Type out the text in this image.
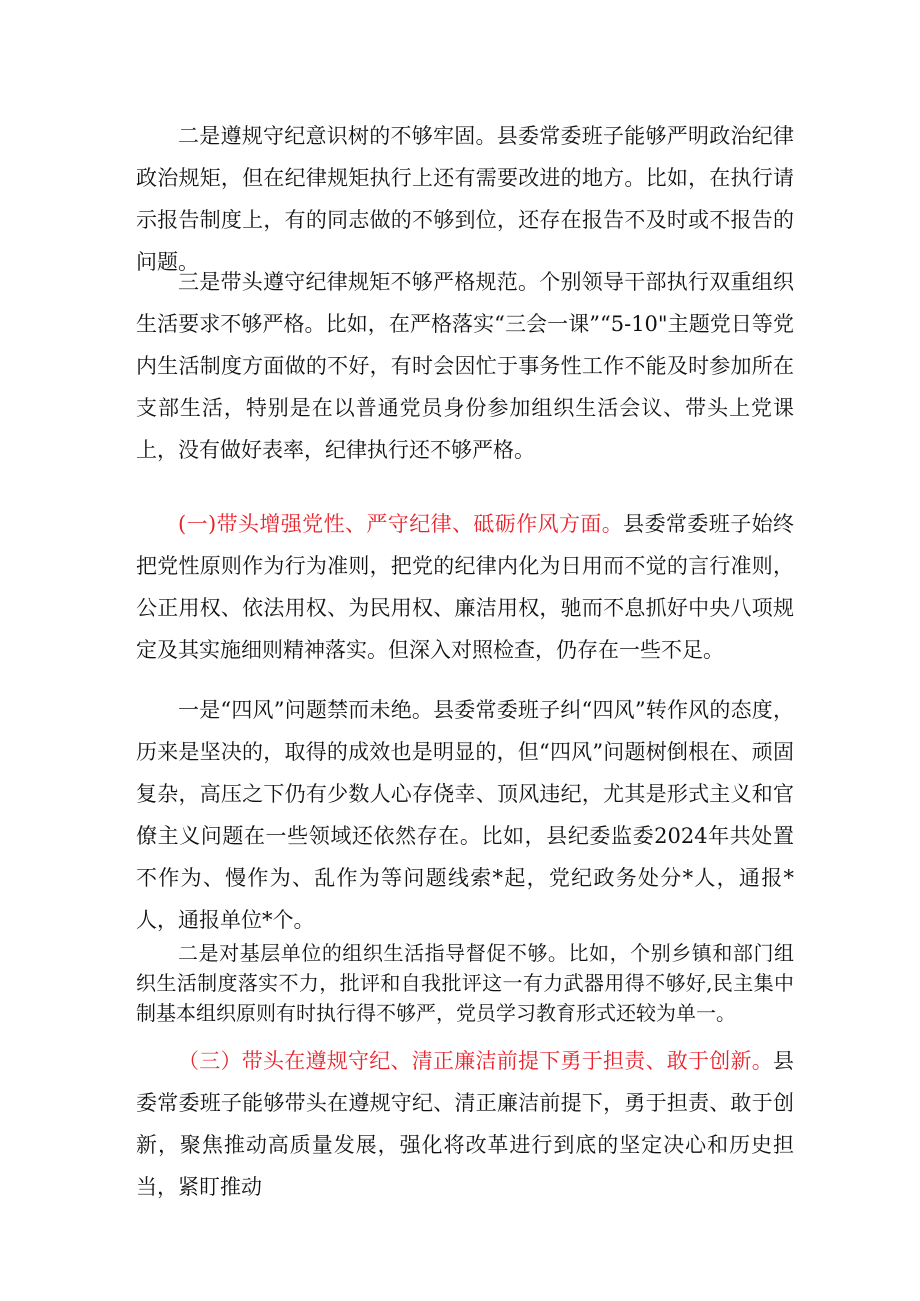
二是遵规守纪意识树的不够牢固。县委常委班子能够严明政治纪律政治规矩，但在纪律规矩执行上还有需要改进的地方。比如，在执行请示报告制度上，有的同志做的不够到位，还存在报告不及时或不报告的问题。

三是带头遵守纪律规矩不够严格规范。个别领导干部执行双重组织生活要求不够严格。比如，在严格落实“三会一课”“5-10"主题党日等党内生活制度方面做的不好，有时会因忙于事务性工作不能及时参加所在支部生活，特别是在以普通党员身份参加组织生活会议、带头上党课上，没有做好表率，纪律执行还不够严格。

(一)带头增强党性、严守纪律、砥砺作风方面。县委常委班子始终把党性原则作为行为准则，把党的纪律内化为日用而不觉的言行准则，公正用权、依法用权、为民用权、廉洁用权，驰而不息抓好中央八项规定及其实施细则精神落实。但深入对照检查，仍存在一些不足。

一是“四风”问题禁而未绝。县委常委班子纠“四风”转作风的态度，历来是坚决的，取得的成效也是明显的，但“四风”问题树倒根在、顽固复杂，高压之下仍有少数人心存侥幸、顶风违纪，尤其是形式主义和官僚主义问题在一些领域还依然存在。比如，县纪委监委2024年共处置不作为、慢作为、乱作为等问题线索*起，党纪政务处分*人，通报*人，通报单位*个。

二是对基层单位的组织生活指导督促不够。比如，个别乡镇和部门组织生活制度落实不力，批评和自我批评这一有力武器用得不够好,民主集中制基本组织原则有时执行得不够严，党员学习教育形式还较为单一。

（三）带头在遵规守纪、清正廉洁前提下勇于担责、敢于创新。县委常委班子能够带头在遵规守纪、清正廉洁前提下，勇于担责、敢于创新，聚焦推动高质量发展，强化将改革进行到底的坚定决心和历史担当，紧盯推动
